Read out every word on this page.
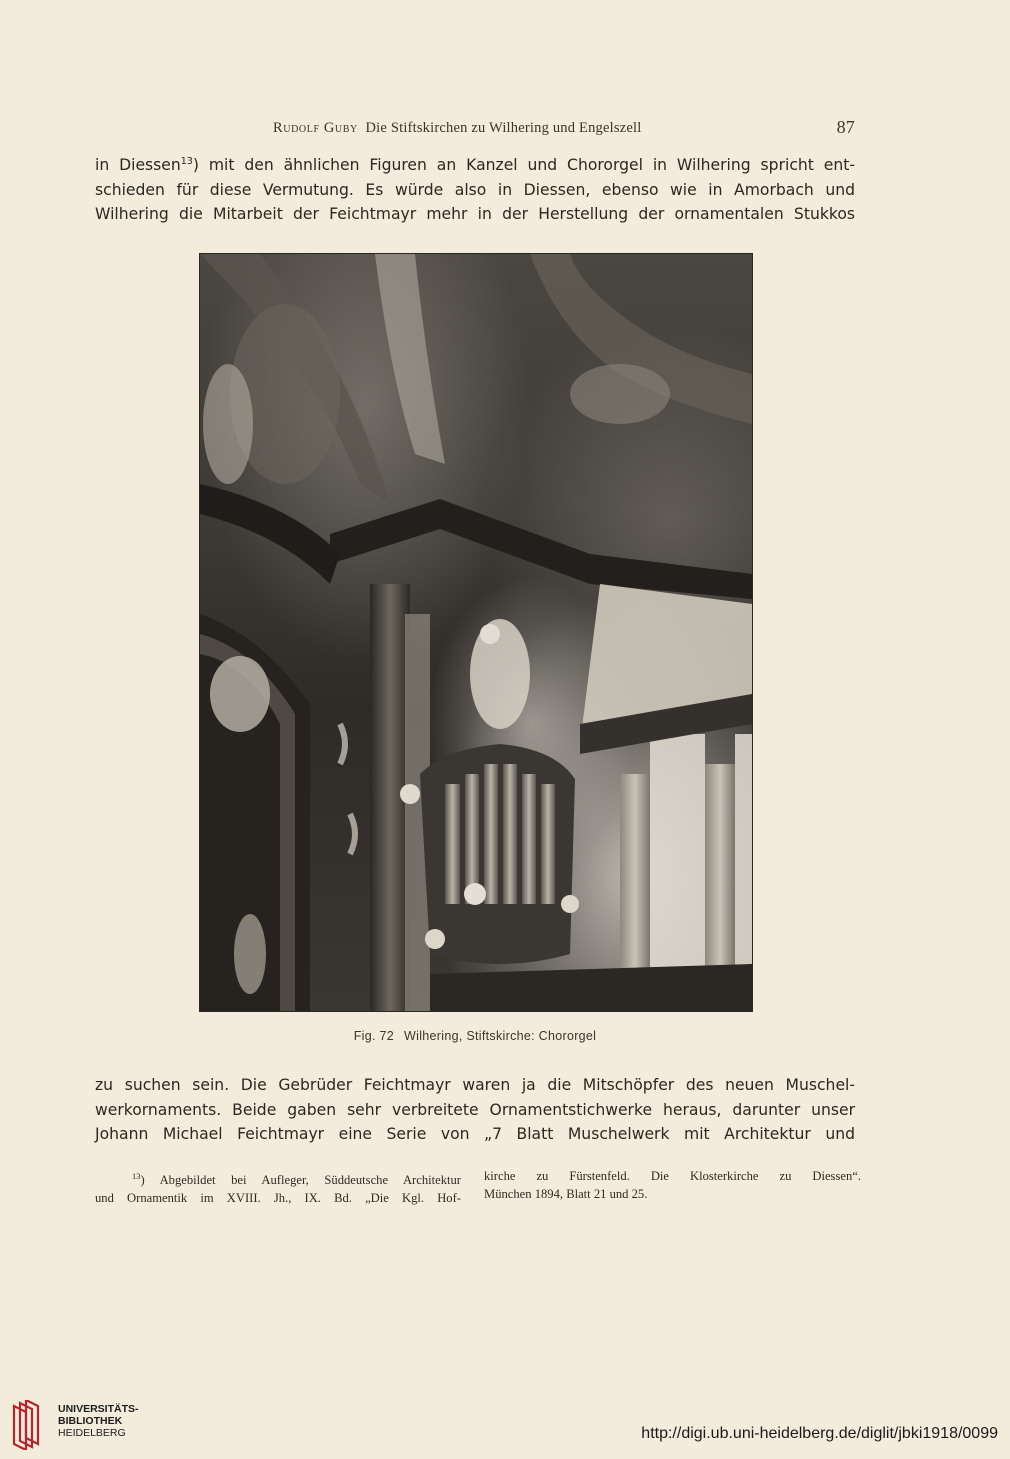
Rudolf Guby Die Stiftskirchen zu Wilhering und Engelszell	87
in Diessen$^{13}$) mit den ähnlichen Figuren an Kanzel und Chororgel in Wilhering spricht ent-
schieden für diese Vermutung. Es würde also in Diessen, ebenso wie in Amorbach und
Wilhering die Mitarbeit der Feichtmayr mehr in der Herstellung der ornamentalen Stukkos
Fig. 72 Wilhering, Stiftskirche: Chororgel
zu suchen sein. Die Gebrüder Feichtmayr waren ja die Mitschöpfer des neuen Muschel-
werkornaments. Beide gaben sehr verbreitete Ornamentstichwerke heraus, darunter unser
Johann Michael Feichtmayr eine Serie von „7 Blatt Muschelwerk mit Architektur und
$^{13}$) Abgebildet bei Aufleger, Süddeutsche Architektur
und Ornamentik im XVIII. Jh., IX. Bd. „Die Kgl. Hof-
kirche zu Fürstenfeld. Die Klosterkirche zu Diessen“.
München 1894, Blatt 21 und 25.
UNIVERSITÄTS-
BIBLIOTHEK
HEIDELBERG	http://digi.ub.uni-heidelberg.de/diglit/jbki1918/0099
